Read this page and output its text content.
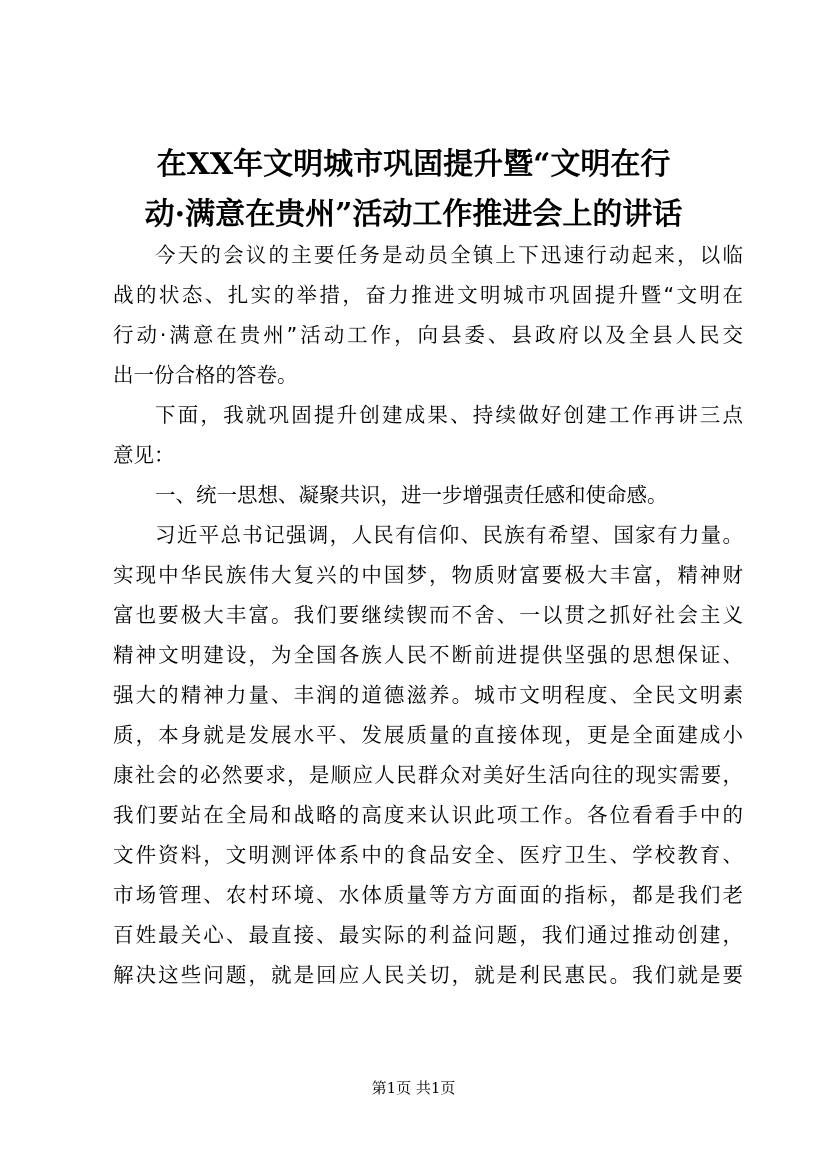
在XX年文明城市巩固提升暨“文明在行
动·满意在贵州”活动工作推进会上的讲话
今天的会议的主要任务是动员全镇上下迅速行动起来，以临
战的状态、扎实的举措，奋力推进文明城市巩固提升暨“文明在
行动·满意在贵州”活动工作，向县委、县政府以及全县人民交
出一份合格的答卷。
下面，我就巩固提升创建成果、持续做好创建工作再讲三点
意见：
一、统一思想、凝聚共识，进一步增强责任感和使命感。
习近平总书记强调，人民有信仰、民族有希望、国家有力量。
实现中华民族伟大复兴的中国梦，物质财富要极大丰富，精神财
富也要极大丰富。我们要继续锲而不舍、一以贯之抓好社会主义
精神文明建设，为全国各族人民不断前进提供坚强的思想保证、
强大的精神力量、丰润的道德滋养。城市文明程度、全民文明素
质，本身就是发展水平、发展质量的直接体现，更是全面建成小
康社会的必然要求，是顺应人民群众对美好生活向往的现实需要，
我们要站在全局和战略的高度来认识此项工作。各位看看手中的
文件资料，文明测评体系中的食品安全、医疗卫生、学校教育、
市场管理、农村环境、水体质量等方方面面的指标，都是我们老
百姓最关心、最直接、最实际的利益问题，我们通过推动创建，
解决这些问题，就是回应人民关切，就是利民惠民。我们就是要
第1页 共1页
